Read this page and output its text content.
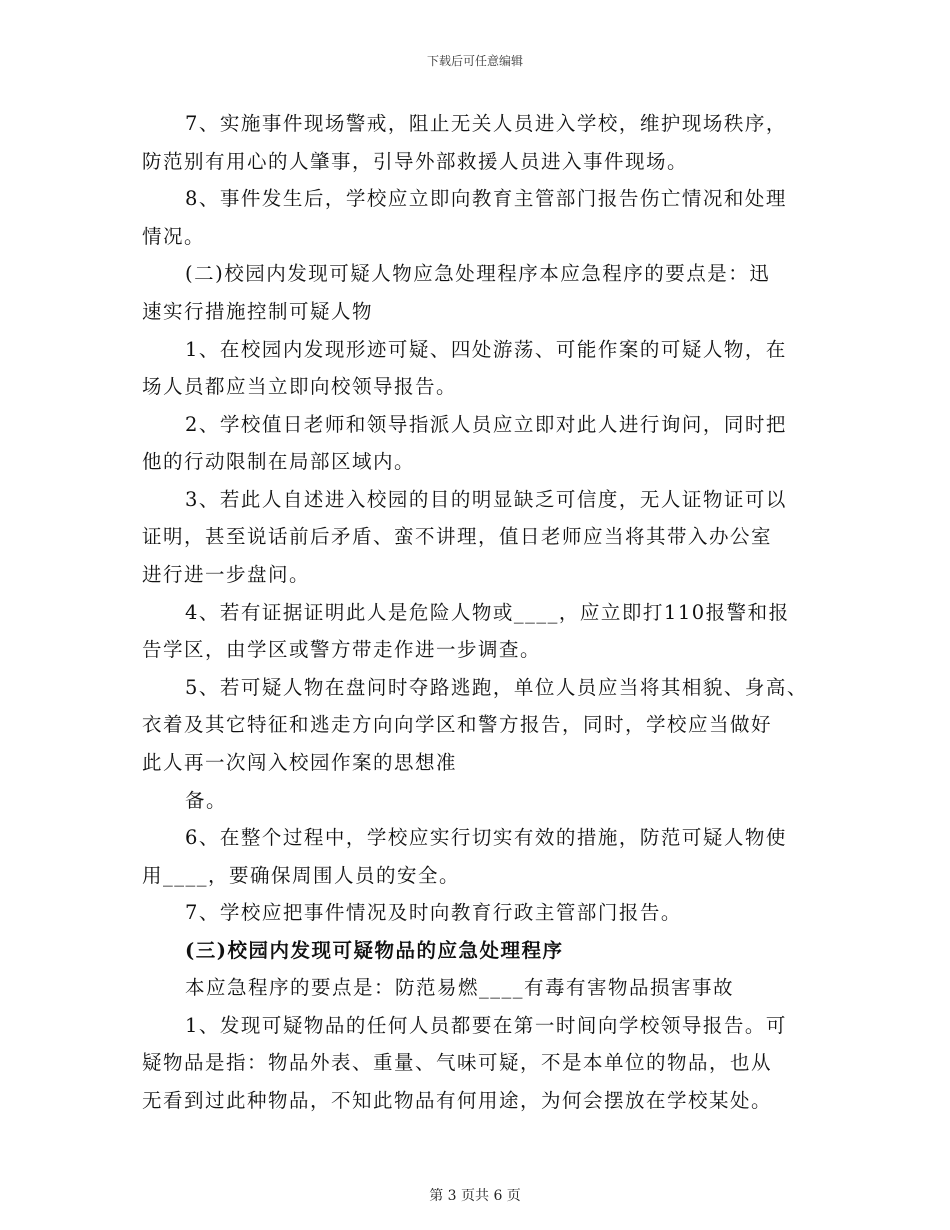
下载后可任意编辑
7、实施事件现场警戒，阻止无关人员进入学校，维护现场秩序，
防范别有用心的人肇事，引导外部救援人员进入事件现场。
8、事件发生后，学校应立即向教育主管部门报告伤亡情况和处理
情况。
(二)校园内发现可疑人物应急处理程序本应急程序的要点是：迅
速实行措施控制可疑人物
1、在校园内发现形迹可疑、四处游荡、可能作案的可疑人物，在
场人员都应当立即向校领导报告。
2、学校值日老师和领导指派人员应立即对此人进行询问，同时把
他的行动限制在局部区域内。
3、若此人自述进入校园的目的明显缺乏可信度，无人证物证可以
证明，甚至说话前后矛盾、蛮不讲理，值日老师应当将其带入办公室
进行进一步盘问。
4、若有证据证明此人是危险人物或____，应立即打110报警和报
告学区，由学区或警方带走作进一步调查。
5、若可疑人物在盘问时夺路逃跑，单位人员应当将其相貌、身高、
衣着及其它特征和逃走方向向学区和警方报告，同时，学校应当做好
此人再一次闯入校园作案的思想准
备。
6、在整个过程中，学校应实行切实有效的措施，防范可疑人物使
用____，要确保周围人员的安全。
7、学校应把事件情况及时向教育行政主管部门报告。
(三)校园内发现可疑物品的应急处理程序
本应急程序的要点是：防范易燃____有毒有害物品损害事故
1、发现可疑物品的任何人员都要在第一时间向学校领导报告。可
疑物品是指：物品外表、重量、气味可疑，不是本单位的物品，也从
无看到过此种物品，不知此物品有何用途，为何会摆放在学校某处。
第 3 页共 6 页
